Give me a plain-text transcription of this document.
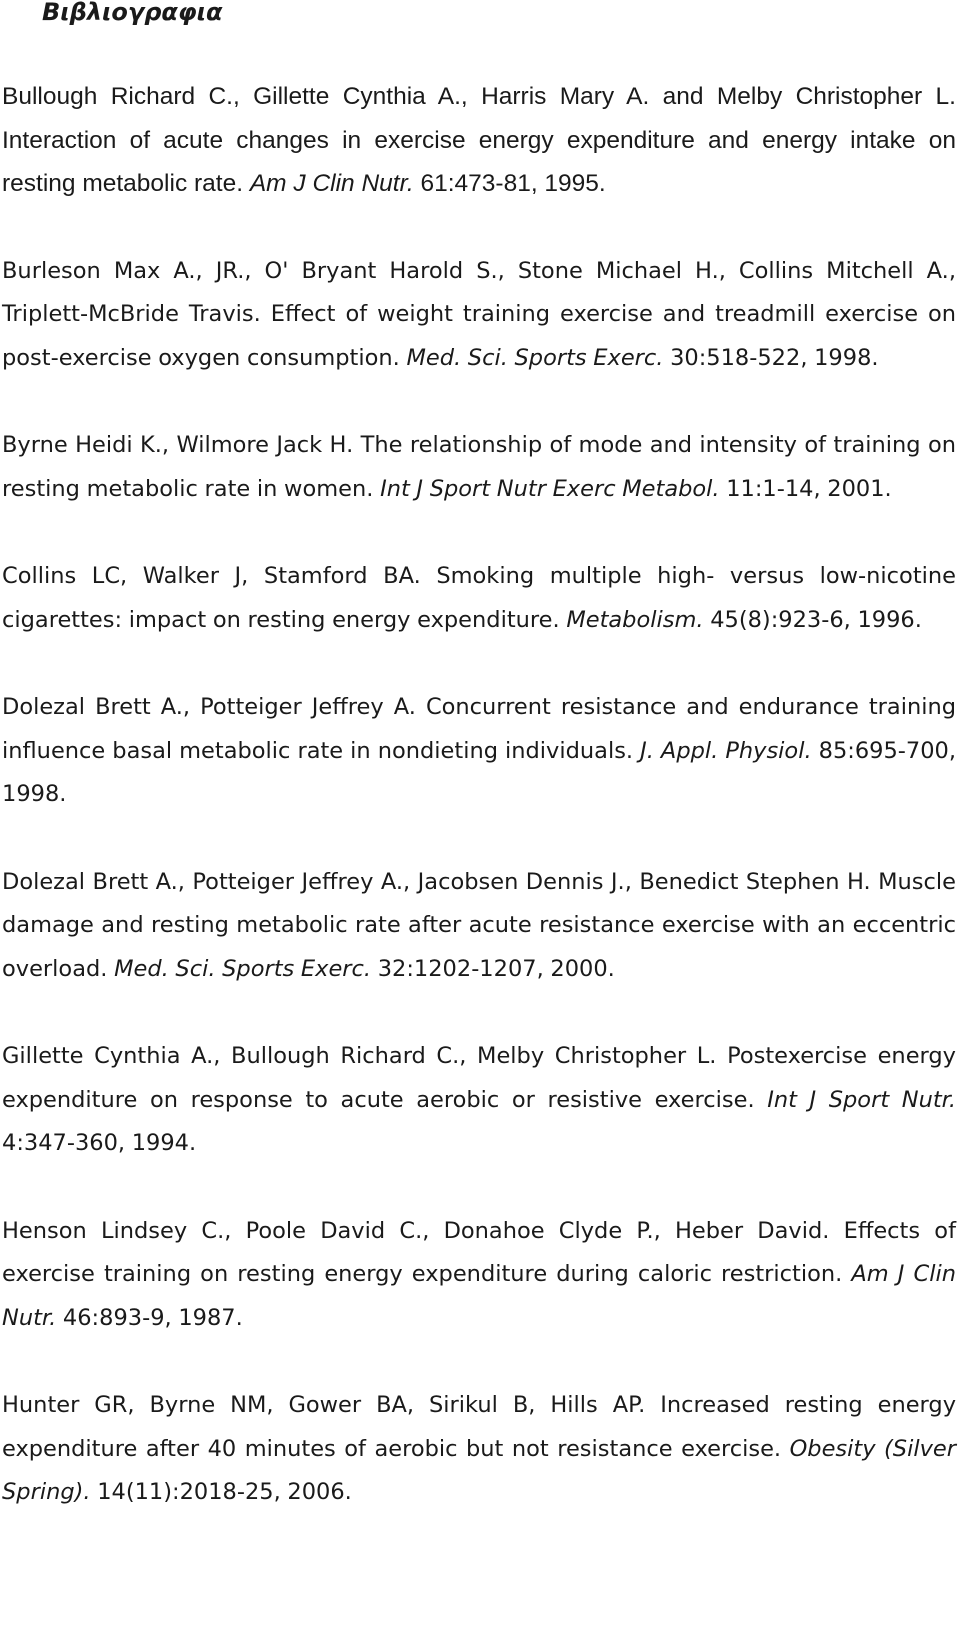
Βιβλιογραφια
Bullough Richard C., Gillette Cynthia A., Harris Mary A. and Melby Christopher L. Interaction of acute changes in exercise energy expenditure and energy intake on resting metabolic rate. Am J Clin Nutr. 61:473-81, 1995.
Burleson Max A., JR., O' Bryant Harold S., Stone Michael H., Collins Mitchell A., Triplett-McBride Travis. Effect of weight training exercise and treadmill exercise on post-exercise oxygen consumption. Med. Sci. Sports Exerc. 30:518-522, 1998.
Byrne Heidi K., Wilmore Jack H. The relationship of mode and intensity of training on resting metabolic rate in women. Int J Sport Nutr Exerc Metabol. 11:1-14, 2001.
Collins LC, Walker J, Stamford BA. Smoking multiple high- versus low-nicotine cigarettes: impact on resting energy expenditure. Metabolism. 45(8):923-6, 1996.
Dolezal Brett A., Potteiger Jeffrey A. Concurrent resistance and endurance training influence basal metabolic rate in nondieting individuals. J. Appl. Physiol. 85:695-700, 1998.
Dolezal Brett A., Potteiger Jeffrey A., Jacobsen Dennis J., Benedict Stephen H. Muscle damage and resting metabolic rate after acute resistance exercise with an eccentric overload. Med. Sci. Sports Exerc. 32:1202-1207, 2000.
Gillette Cynthia A., Bullough Richard C., Melby Christopher L. Postexercise energy expenditure on response to acute aerobic or resistive exercise. Int J Sport Nutr. 4:347-360, 1994.
Henson Lindsey C., Poole David C., Donahoe Clyde P., Heber David. Effects of exercise training on resting energy expenditure during caloric restriction. Am J Clin Nutr. 46:893-9, 1987.
Hunter GR, Byrne NM, Gower BA, Sirikul B, Hills AP. Increased resting energy expenditure after 40 minutes of aerobic but not resistance exercise. Obesity (Silver Spring). 14(11):2018-25, 2006.
